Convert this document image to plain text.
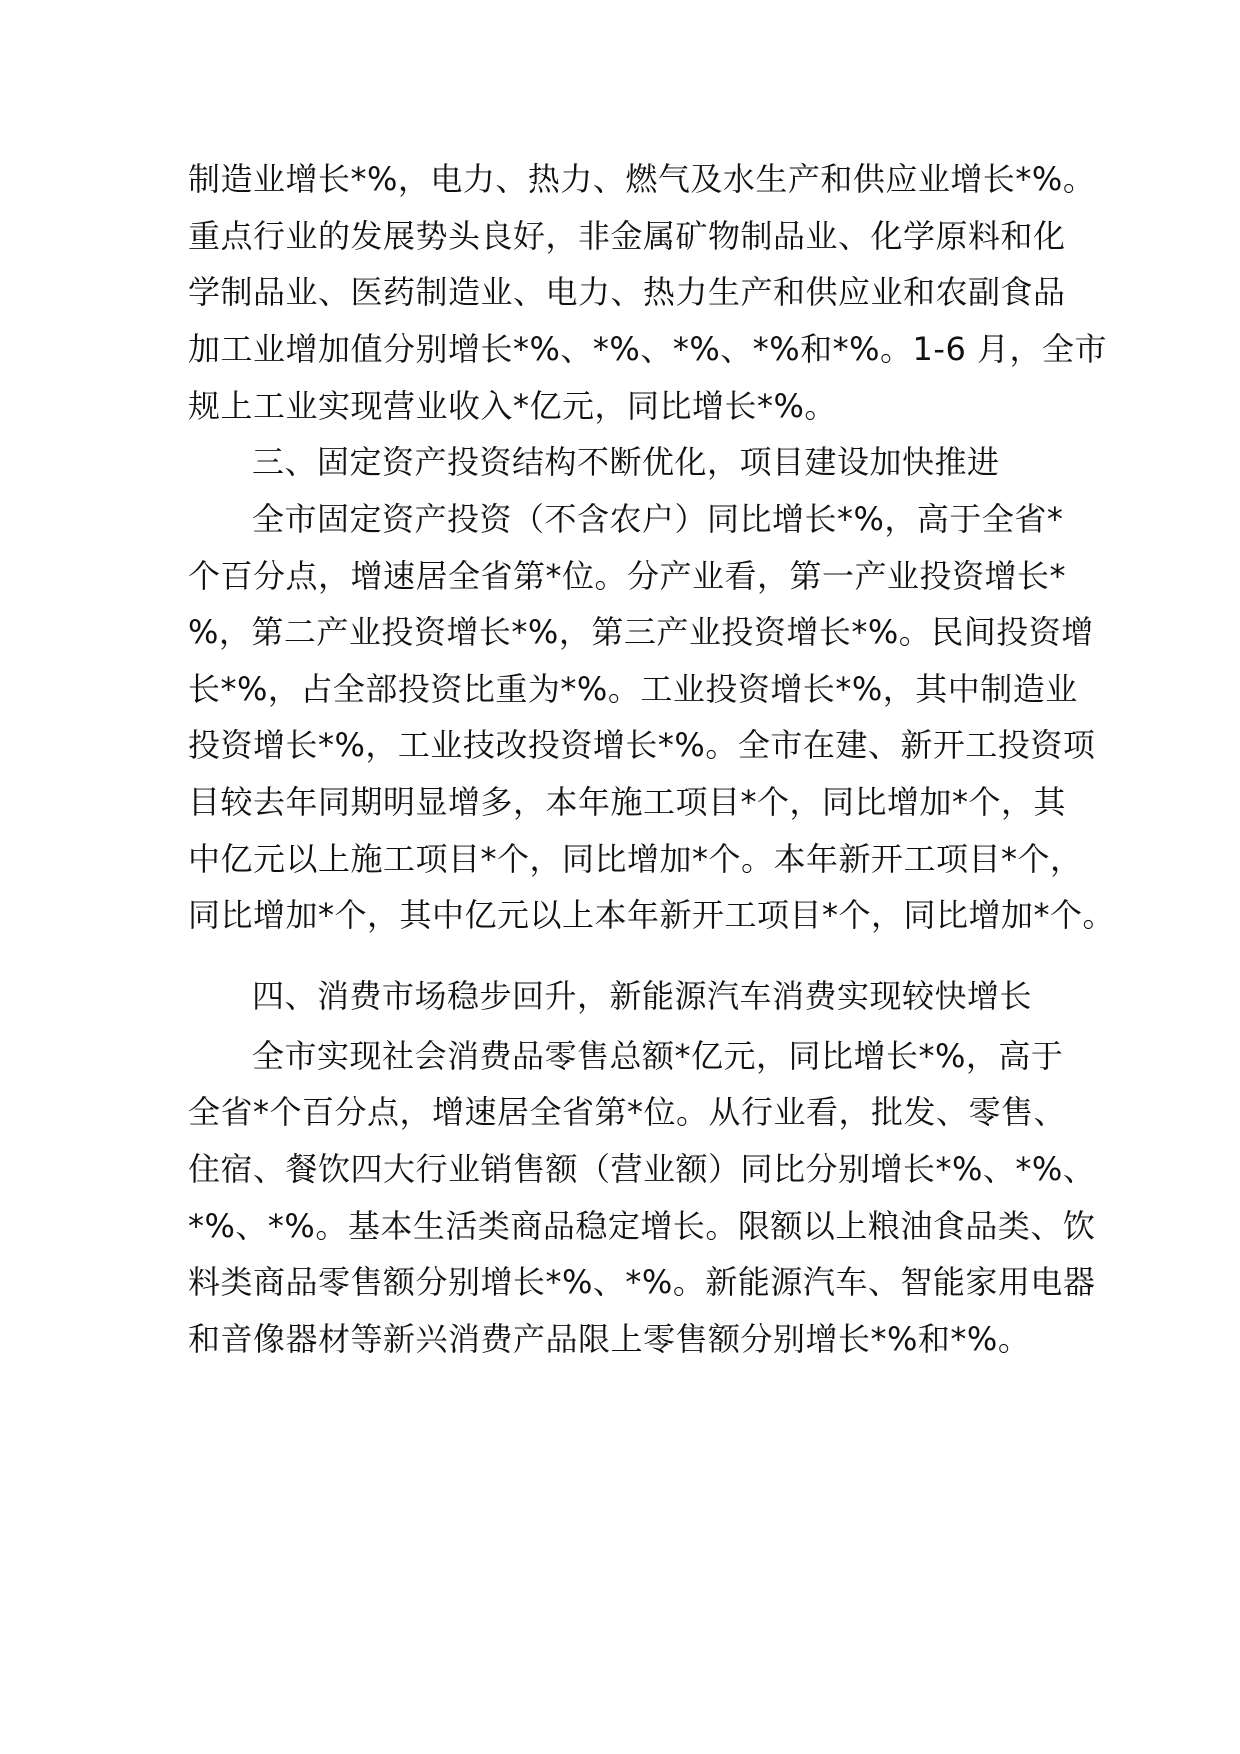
制造业增长*%，电力、热力、燃气及水生产和供应业增长*%。
重点行业的发展势头良好，非金属矿物制品业、化学原料和化
学制品业、医药制造业、电力、热力生产和供应业和农副食品
加工业增加值分别增长*%、*%、*%、*%和*%。1-6 月，全市
规上工业实现营业收入*亿元，同比增长*%。
三、固定资产投资结构不断优化，项目建设加快推进
全市固定资产投资（不含农户）同比增长*%，高于全省*
个百分点，增速居全省第*位。分产业看，第一产业投资增长*
%，第二产业投资增长*%，第三产业投资增长*%。民间投资增
长*%，占全部投资比重为*%。工业投资增长*%，其中制造业
投资增长*%，工业技改投资增长*%。全市在建、新开工投资项
目较去年同期明显增多，本年施工项目*个，同比增加*个，其
中亿元以上施工项目*个，同比增加*个。本年新开工项目*个，
同比增加*个，其中亿元以上本年新开工项目*个，同比增加*个。
四、消费市场稳步回升，新能源汽车消费实现较快增长
全市实现社会消费品零售总额*亿元，同比增长*%，高于
全省*个百分点，增速居全省第*位。从行业看，批发、零售、
住宿、餐饮四大行业销售额（营业额）同比分别增长*%、*%、
*%、*%。基本生活类商品稳定增长。限额以上粮油食品类、饮
料类商品零售额分别增长*%、*%。新能源汽车、智能家用电器
和音像器材等新兴消费产品限上零售额分别增长*%和*%。
